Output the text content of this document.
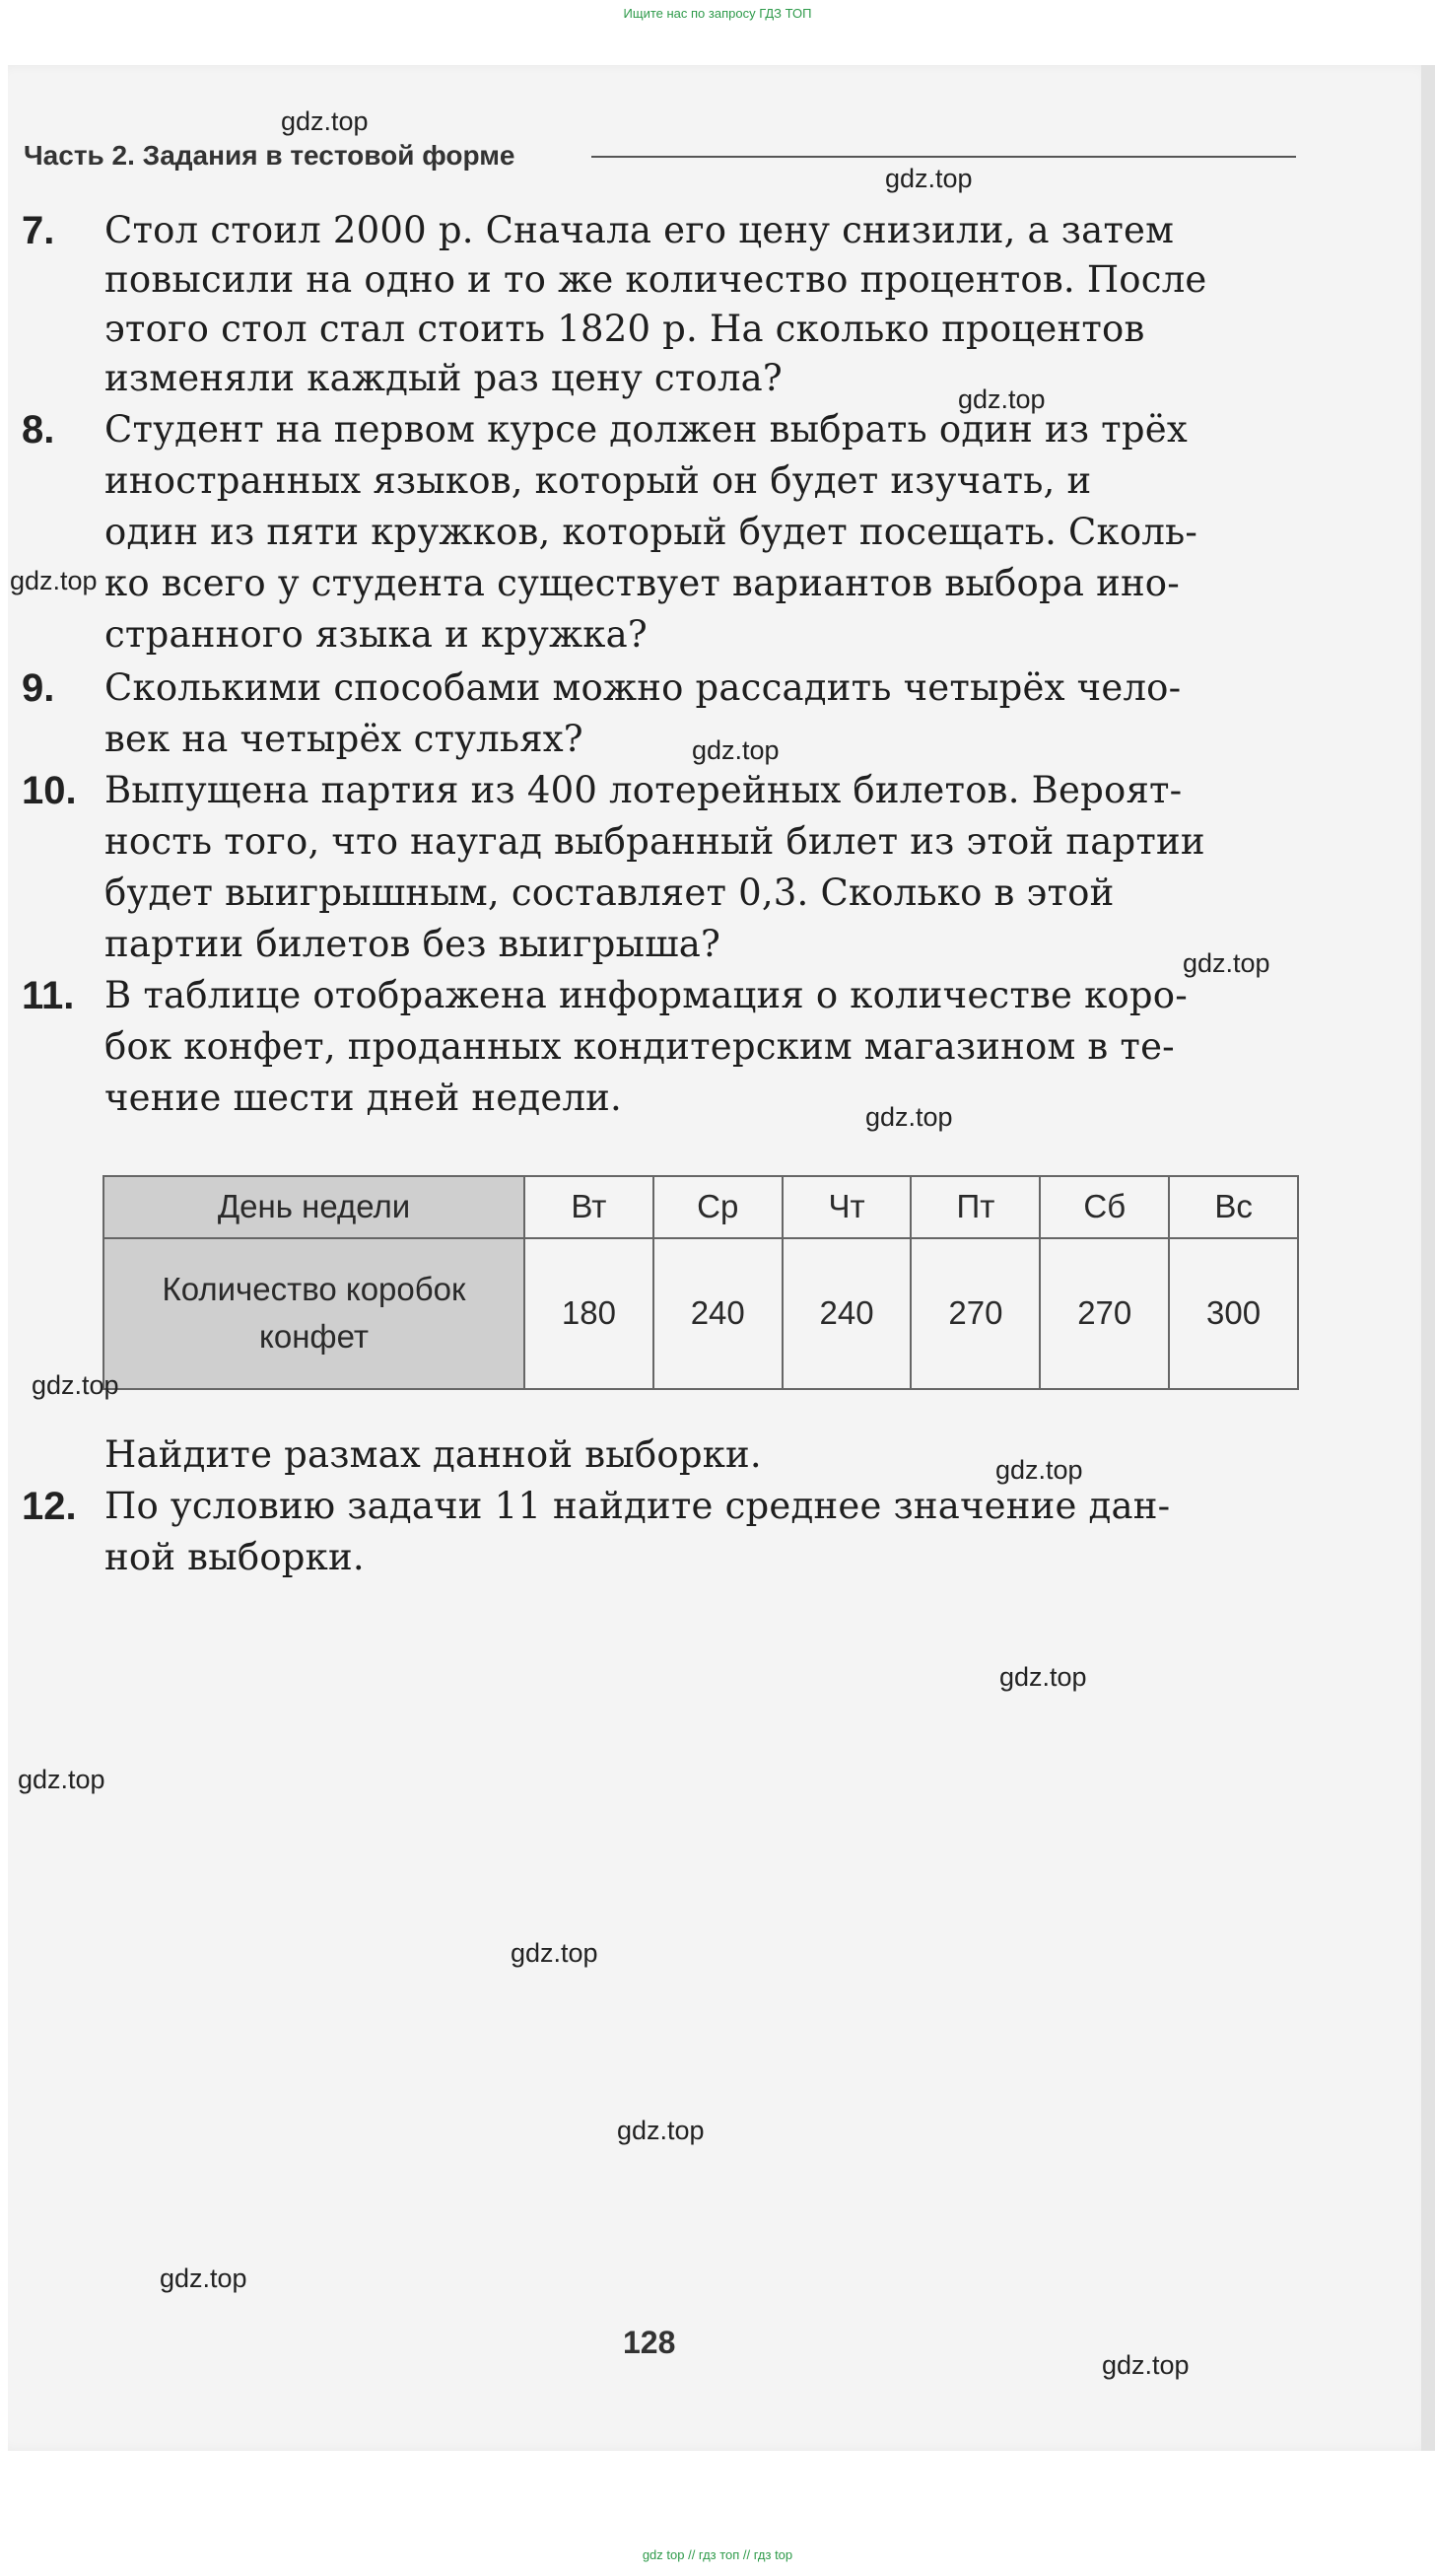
Ищите нас по запросу ГДЗ ТОП
Часть 2. Задания в тестовой форме
7. Стол стоил 2000 р. Сначала его цену снизили, а затем
повысили на одно и то же количество процентов. После
этого стол стал стоить 1820 р. На сколько процентов
изменяли каждый раз цену стола?
8. Студент на первом курсе должен выбрать один из трёх
иностранных языков, который он будет изучать, и
один из пяти кружков, который будет посещать. Сколь-
ко всего у студента существует вариантов выбора ино-
странного языка и кружка?
9. Сколькими способами можно рассадить четырёх чело-
век на четырёх стульях?
10. Выпущена партия из 400 лотерейных билетов. Вероят-
ность того, что наугад выбранный билет из этой партии
будет выигрышным, составляет 0,3. Сколько в этой
партии билетов без выигрыша?
11. В таблице отображена информация о количестве коро-
бок конфет, проданных кондитерским магазином в те-
чение шести дней недели.
День недели	Вт	Ср	Чт	Пт	Сб	Вс

Количество коробок
конфет	180	240	240	270	270	300
Найдите размах данной выборки.
12. По условию задачи 11 найдите среднее значение дан-
ной выборки.
gdz.top
gdz.top
gdz.top
gdz.top
gdz.top
gdz.top
gdz.top
gdz.top
gdz.top
gdz.top
gdz.top
gdz.top
gdz.top
gdz.top
gdz.top
128
gdz top // гдз топ // гдз top
